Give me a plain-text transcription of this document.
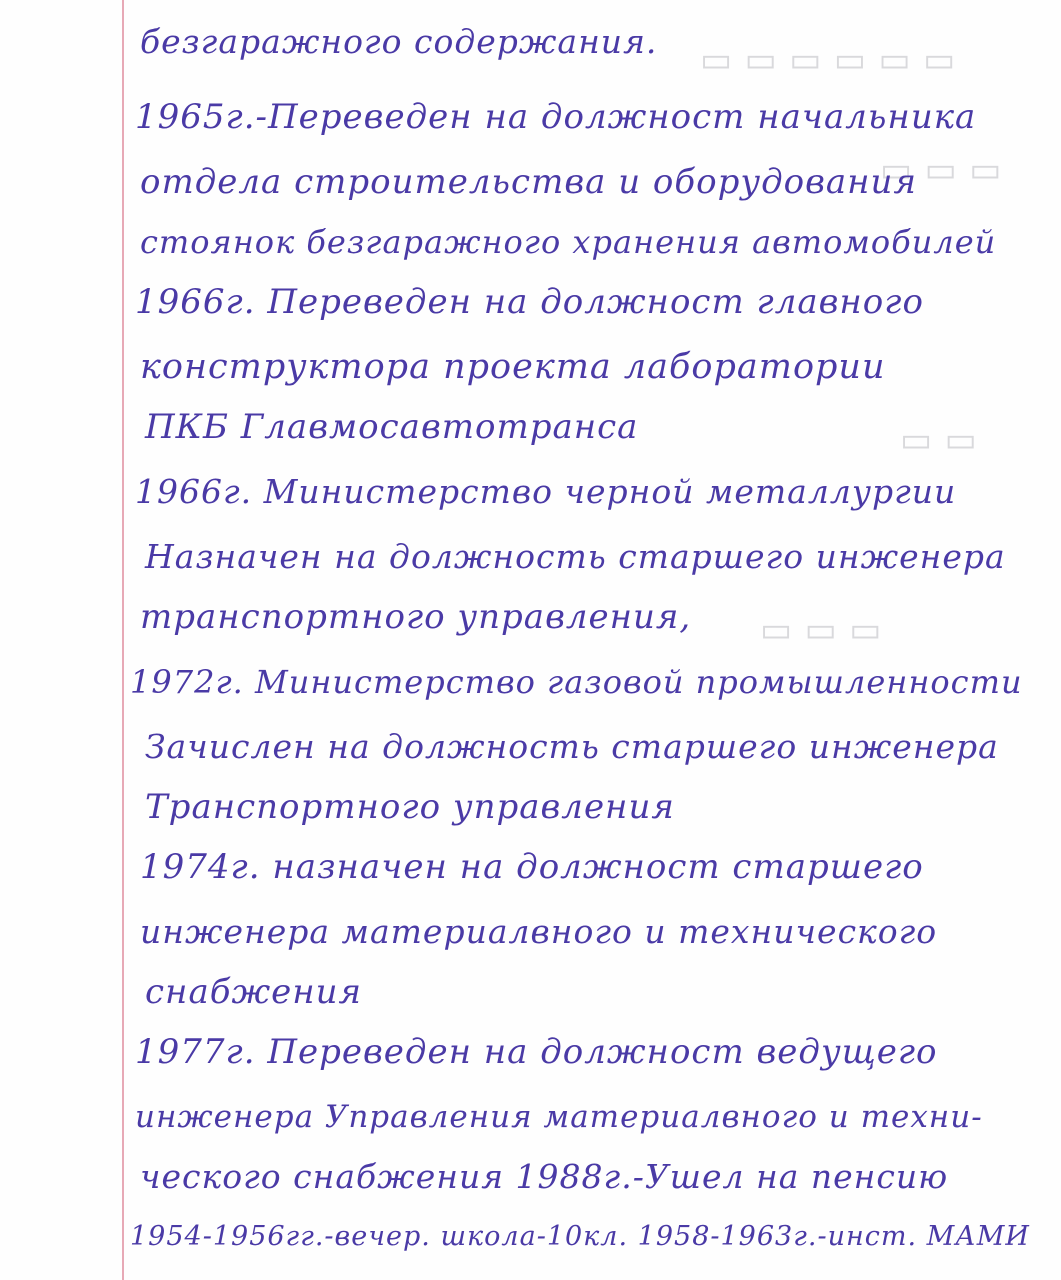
▭ ▭ ▭ ▭ ▭ ▭
▭ ▭ ▭
▭ ▭
▭ ▭ ▭
безгаражного содержания.
1965г.-Переведен на должност начальника
отдела строительства и оборудования
стоянок безгаражного хранения автомобилей
1966г. Переведен на должност главного
конструктора проекта лаборатории
ПКБ Главмосавтотранса
1966г. Министерство черной металлургии
Назначен на должность старшего инженера
транспортного управления,
1972г. Министерство газовой промышленности
Зачислен на должность старшего инженера
Транспортного управления
1974г. назначен на должност старшего
инженера материалвного и технического
снабжения
1977г. Переведен на должност ведущего
инженера Управления материалвного и техни-
ческого снабжения 1988г.-Ушел на пенсию
1954-1956гг.-вечер. школа-10кл. 1958-1963г.-инст. МАМИ
